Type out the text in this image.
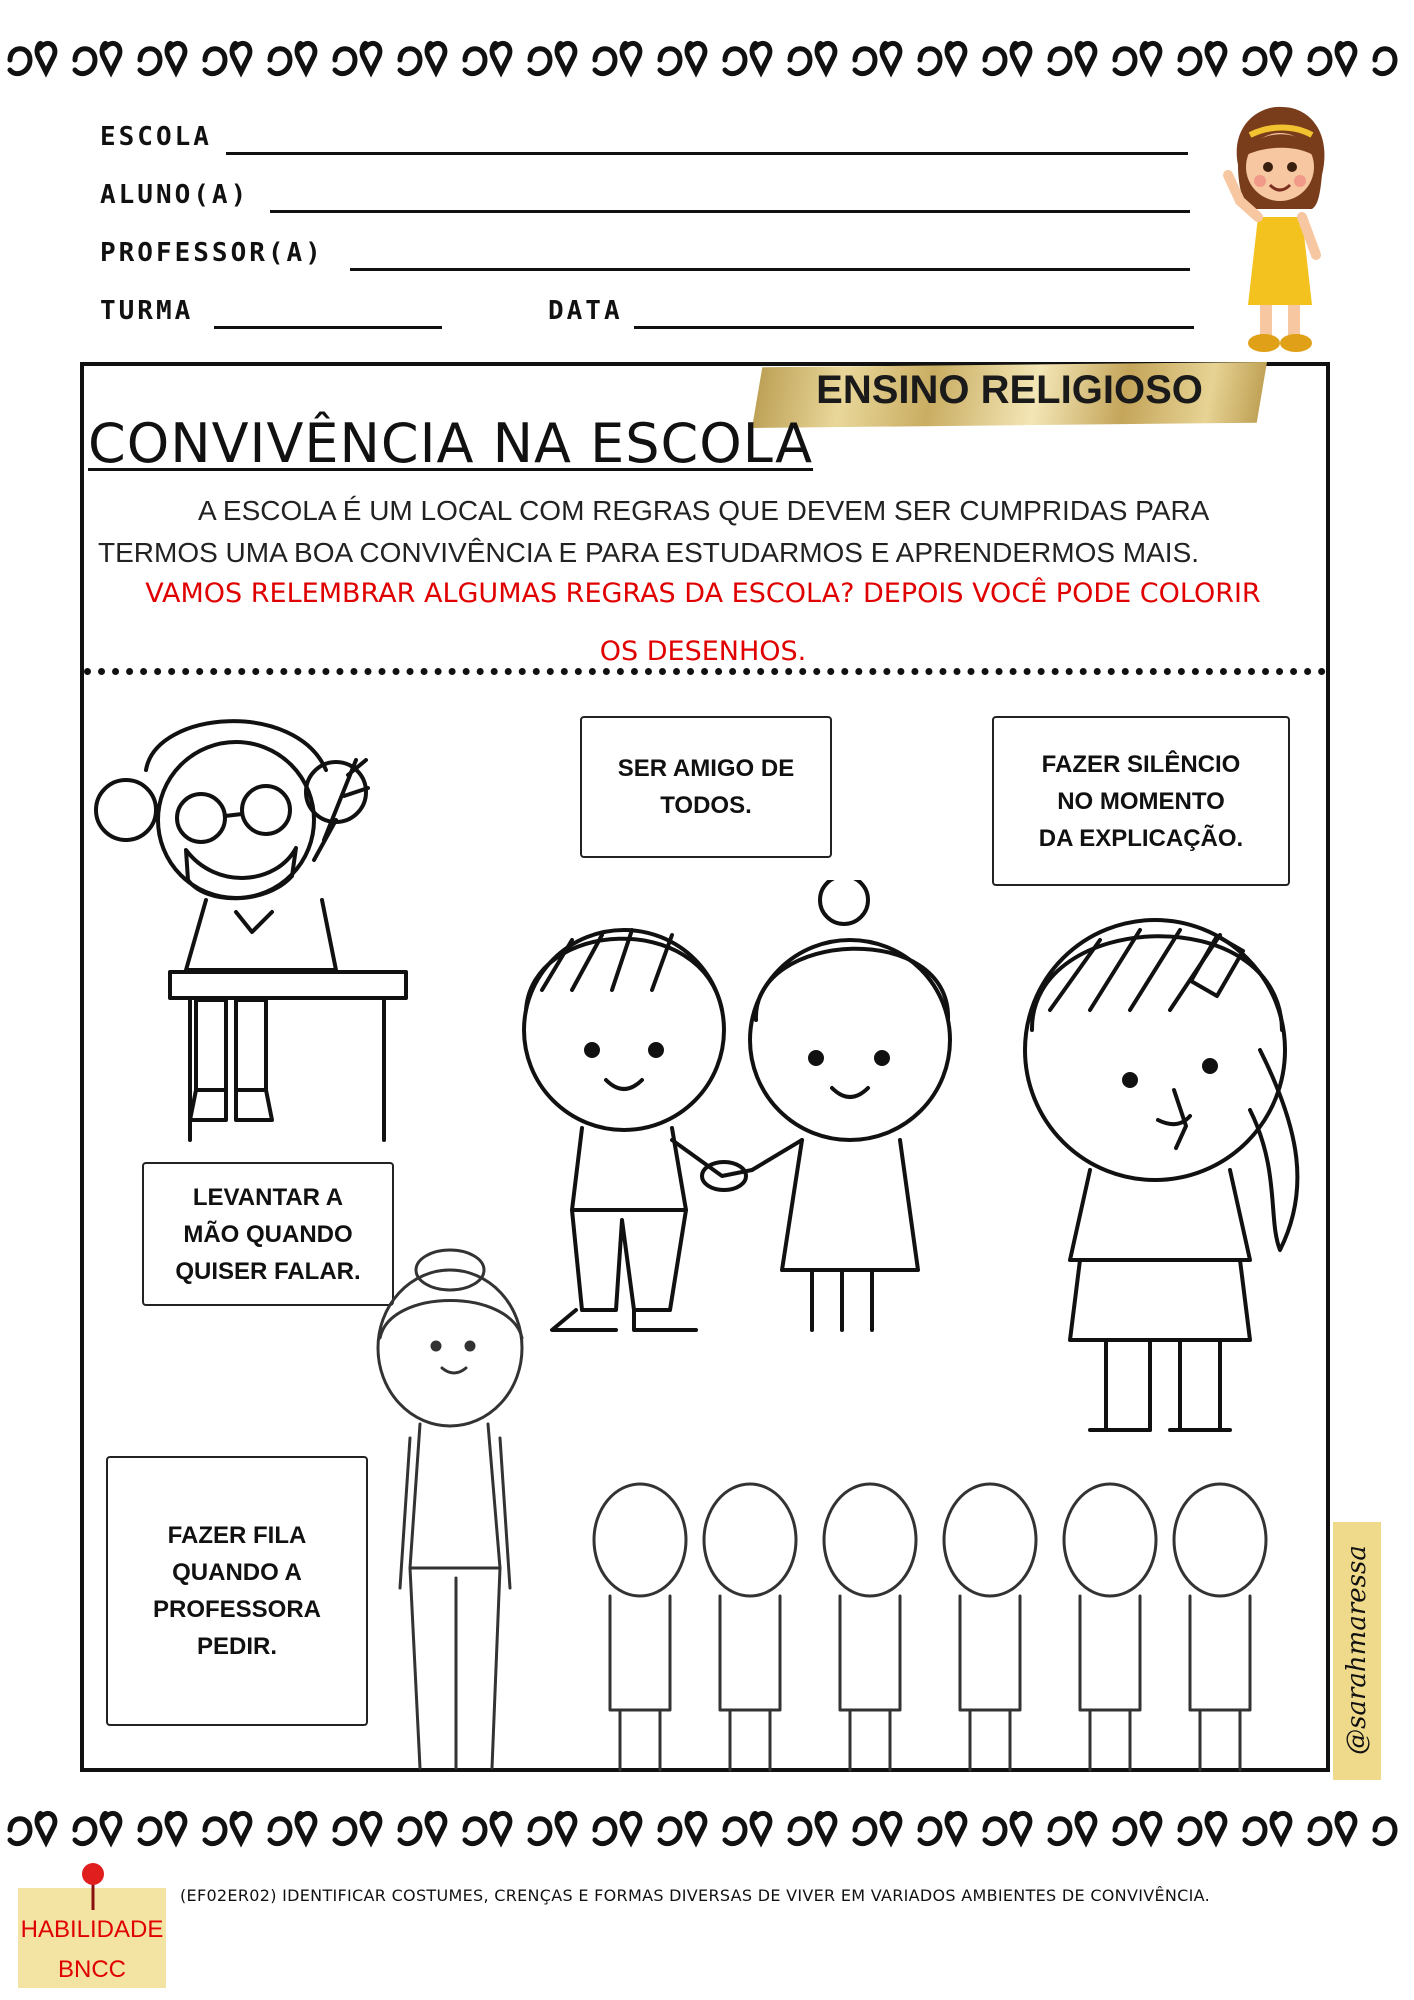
ESCOLA
ALUNO(A)
PROFESSOR(A)
TURMA	DATA
ENSINO RELIGIOSO
CONVIVÊNCIA NA ESCOLA
A ESCOLA É UM LOCAL COM REGRAS QUE DEVEM SER CUMPRIDAS PARA TERMOS UMA BOA CONVIVÊNCIA E PARA ESTUDARMOS E APRENDERMOS MAIS.
VAMOS RELEMBRAR ALGUMAS REGRAS DA ESCOLA? DEPOIS VOCÊ PODE COLORIR
OS DESENHOS.
SER AMIGO DE
TODOS.
FAZER SILÊNCIO
NO MOMENTO
DA EXPLICAÇÃO.
LEVANTAR A
MÃO QUANDO
QUISER FALAR.
FAZER FILA
QUANDO A
PROFESSORA
PEDIR.	@sarahmaressa
HABILIDADE
BNCC
(EF02ER02) IDENTIFICAR COSTUMES, CRENÇAS E FORMAS DIVERSAS DE VIVER EM VARIADOS AMBIENTES DE CONVIVÊNCIA.
